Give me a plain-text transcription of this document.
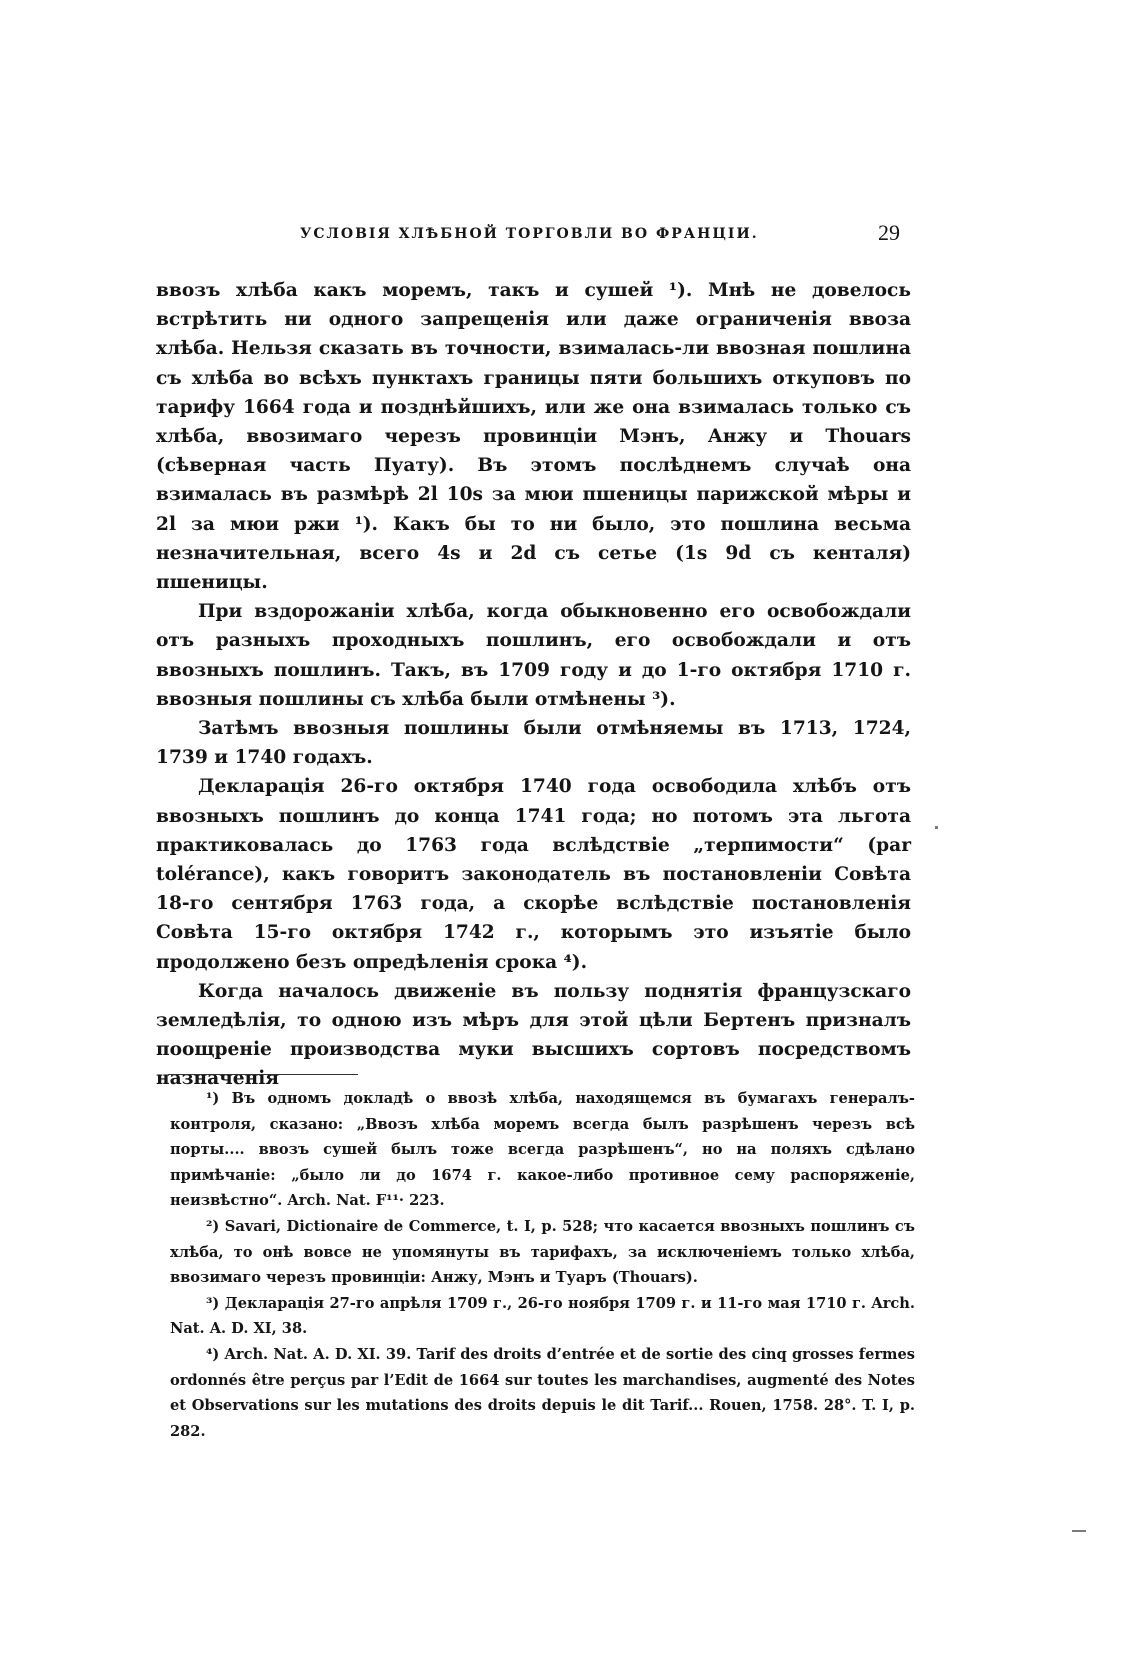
УСЛОВІЯ ХЛѢБНОЙ ТОРГОВЛИ ВО ФРАНЦІИ.	29

ввозъ хлѣба какъ моремъ, такъ и сушей ¹). Мнѣ не довелось встрѣтить ни одного запрещенія или даже ограниченія ввоза хлѣба. Нельзя сказать въ точности, взималась-ли ввозная пошлина съ хлѣба во всѣхъ пунктахъ границы пяти большихъ откуповъ по тарифу 1664 года и позднѣйшихъ, или же она взималась только съ хлѣба, ввозимаго черезъ провинціи Мэнъ, Анжу и Thouars (сѣверная часть Пуату). Въ этомъ послѣднемъ случаѣ она взималась въ размѣрѣ 2l 10s за мюи пшеницы парижской мѣры и 2l за мюи ржи ¹). Какъ бы то ни было, это пошлина весьма незначительная, всего 4s и 2d съ сетье (1s 9d съ кенталя) пшеницы.

При вздорожаніи хлѣба, когда обыкновенно его освобождали отъ разныхъ проходныхъ пошлинъ, его освобождали и отъ ввозныхъ пошлинъ. Такъ, въ 1709 году и до 1-го октября 1710 г. ввозныя пошлины съ хлѣба были отмѣнены ³).

Затѣмъ ввозныя пошлины были отмѣняемы въ 1713, 1724, 1739 и 1740 годахъ.

Декларація 26-го октября 1740 года освободила хлѣбъ отъ ввозныхъ пошлинъ до конца 1741 года; но потомъ эта льгота практиковалась до 1763 года вслѣдствіе „терпимости“ (par tolérance), какъ говоритъ законодатель въ постановленіи Совѣта 18-го сентября 1763 года, а скорѣе вслѣдствіе постановленія Совѣта 15-го октября 1742 г., которымъ это изъятіе было продолжено безъ опредѣленія срока ⁴).

Когда началось движеніе въ пользу поднятія французскаго земледѣлія, то одною изъ мѣръ для этой цѣли Бертенъ призналъ поощреніе производства муки высшихъ сортовъ посредствомъ назначенія

¹) Въ одномъ докладѣ о ввозѣ хлѣба, находящемся въ бумагахъ генералъ-контроля, сказано: „Ввозъ хлѣба моремъ всегда былъ разрѣшенъ черезъ всѣ порты.... ввозъ сушей былъ тоже всегда разрѣшенъ“, но на поляхъ сдѣлано примѣчаніе: „было ли до 1674 г. какое-либо противное сему распоряженіе, неизвѣстно“. Arch. Nat. F¹¹· 223.

²) Savari, Dictionaire de Commerce, t. I, p. 528; что касается ввозныхъ пошлинъ съ хлѣба, то онѣ вовсе не упомянуты въ тарифахъ, за исключеніемъ только хлѣба, ввозимаго черезъ провинціи: Анжу, Мэнъ и Туаръ (Thouars).

³) Декларація 27-го апрѣля 1709 г., 26-го ноября 1709 г. и 11-го мая 1710 г. Arch. Nat. A. D. XI, 38.

⁴) Arch. Nat. A. D. XI. 39. Tarif des droits d’entrée et de sortie des cinq grosses fermes ordonnés être perçus par l’Edit de 1664 sur toutes les marchandises, augmenté des Notes et Observations sur les mutations des droits depuis le dit Tarif... Rouen, 1758. 28°. T. I, p. 282.
